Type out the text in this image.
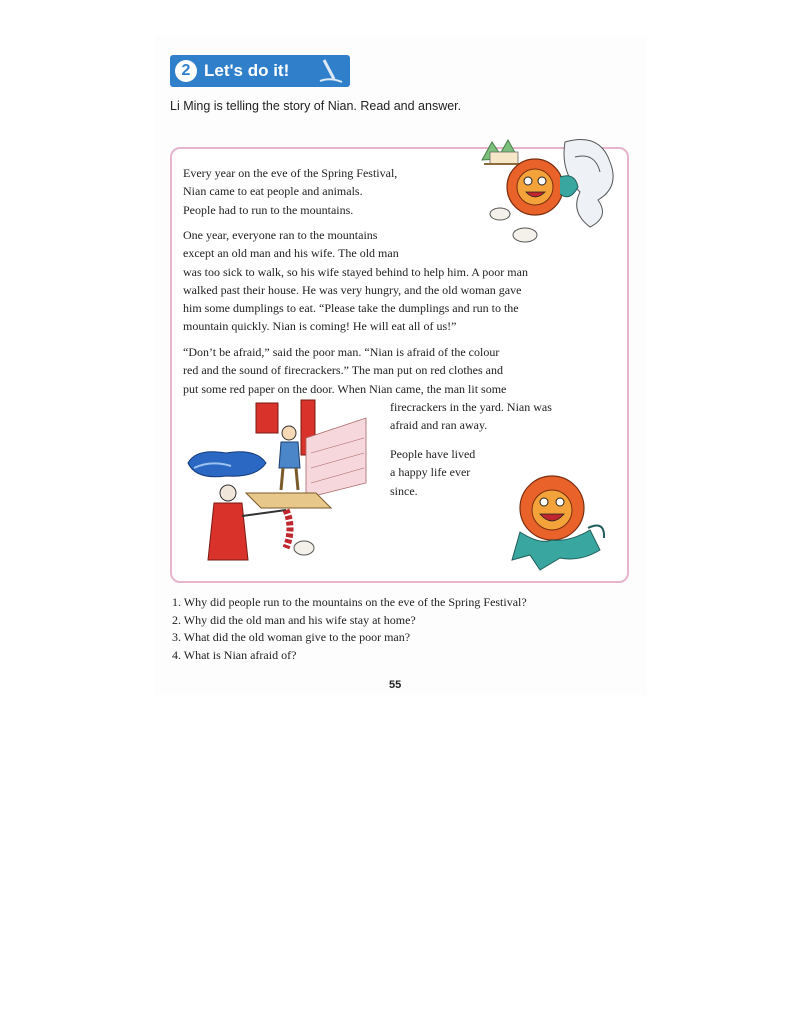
2 Let's do it!
Li Ming is telling the story of Nian. Read and answer.
Every year on the eve of the Spring Festival,
Nian came to eat people and animals.
People had to run to the mountains.
One year, everyone ran to the mountains
except an old man and his wife. The old man
was too sick to walk, so his wife stayed behind to help him. A poor man
walked past their house. He was very hungry, and the old woman gave
him some dumplings to eat. “Please take the dumplings and run to the
mountain quickly. Nian is coming! He will eat all of us!”
“Don’t be afraid,” said the poor man. “Nian is afraid of the colour
red and the sound of firecrackers.” The man put on red clothes and
put some red paper on the door. When Nian came, the man lit some
firecrackers in the yard. Nian was
afraid and ran away.
People have lived
a happy life ever
since.
1. Why did people run to the mountains on the eve of the Spring Festival?
2. Why did the old man and his wife stay at home?
3. What did the old woman give to the poor man?
4. What is Nian afraid of?
55
